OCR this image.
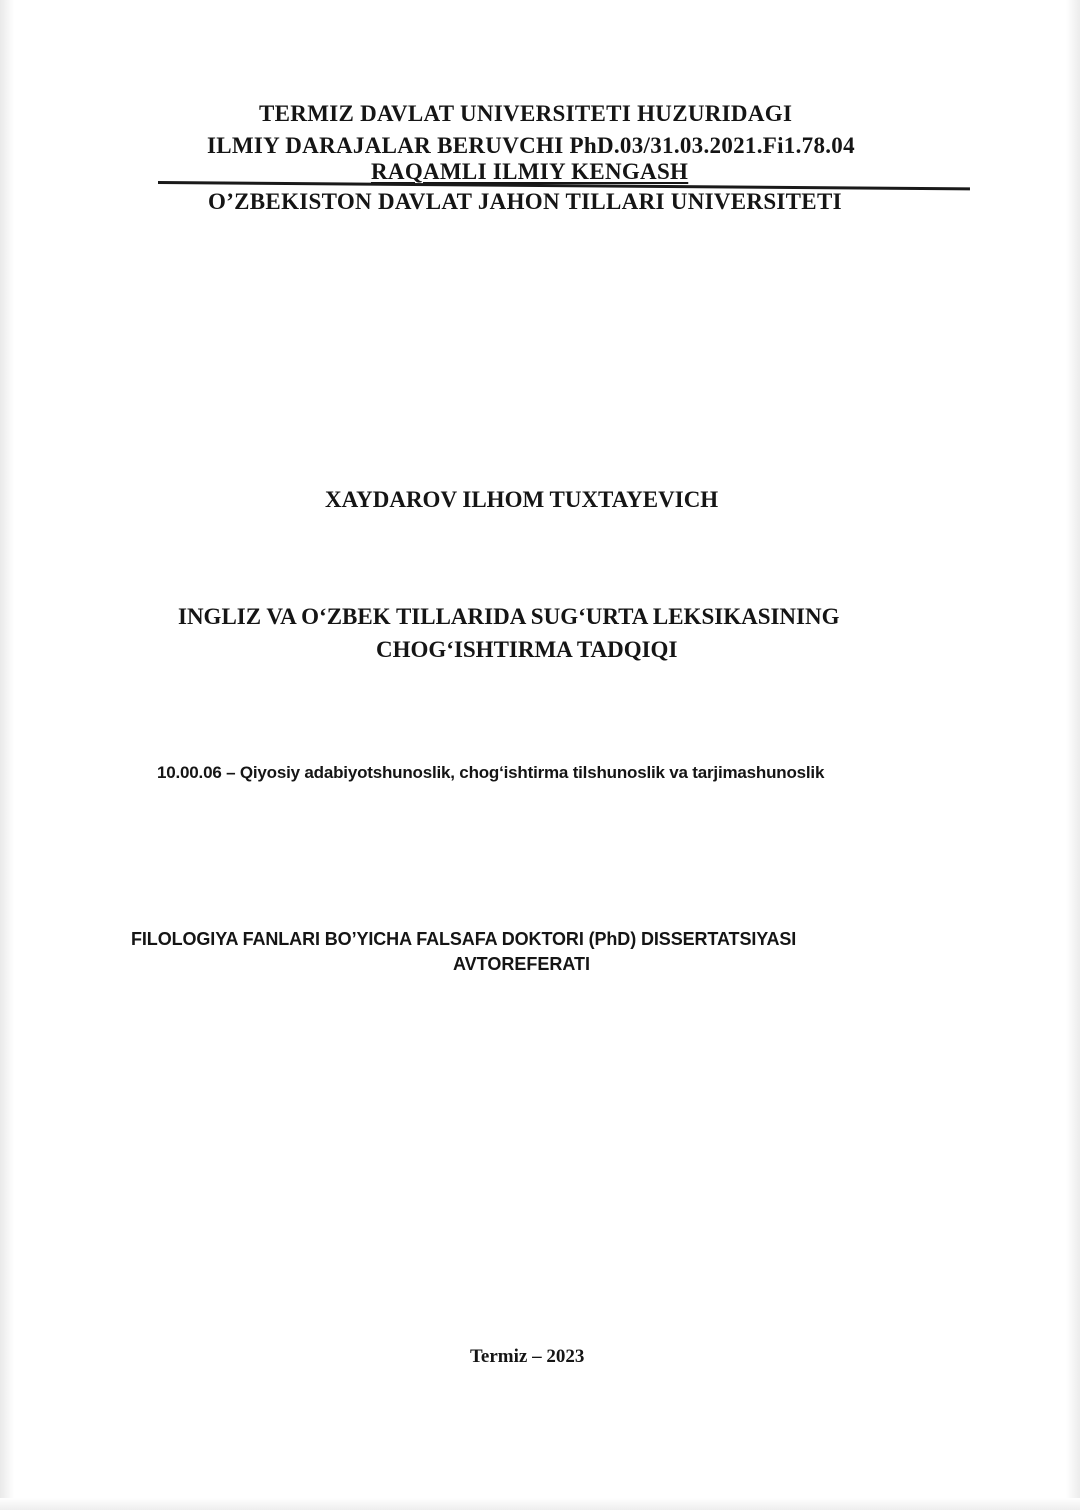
TERMIZ DAVLAT UNIVERSITETI HUZURIDAGI
ILMIY DARAJALAR BERUVCHI PhD.03/31.03.2021.Fi1.78.04
RAQAMLI ILMIY KENGASH
O’ZBEKISTON DAVLAT JAHON TILLARI UNIVERSITETI
XAYDAROV ILHOM TUXTAYEVICH
INGLIZ VA O‘ZBEK TILLARIDA SUG‘URTA LEKSIKASINING
CHOG‘ISHTIRMA TADQIQI
10.00.06 – Qiyosiy adabiyotshunoslik, chog‘ishtirma tilshunoslik va tarjimashunoslik
FILOLOGIYA FANLARI BO’YICHA FALSAFA DOKTORI (PhD) DISSERTATSIYASI
AVTOREFERATI
Termiz – 2023
